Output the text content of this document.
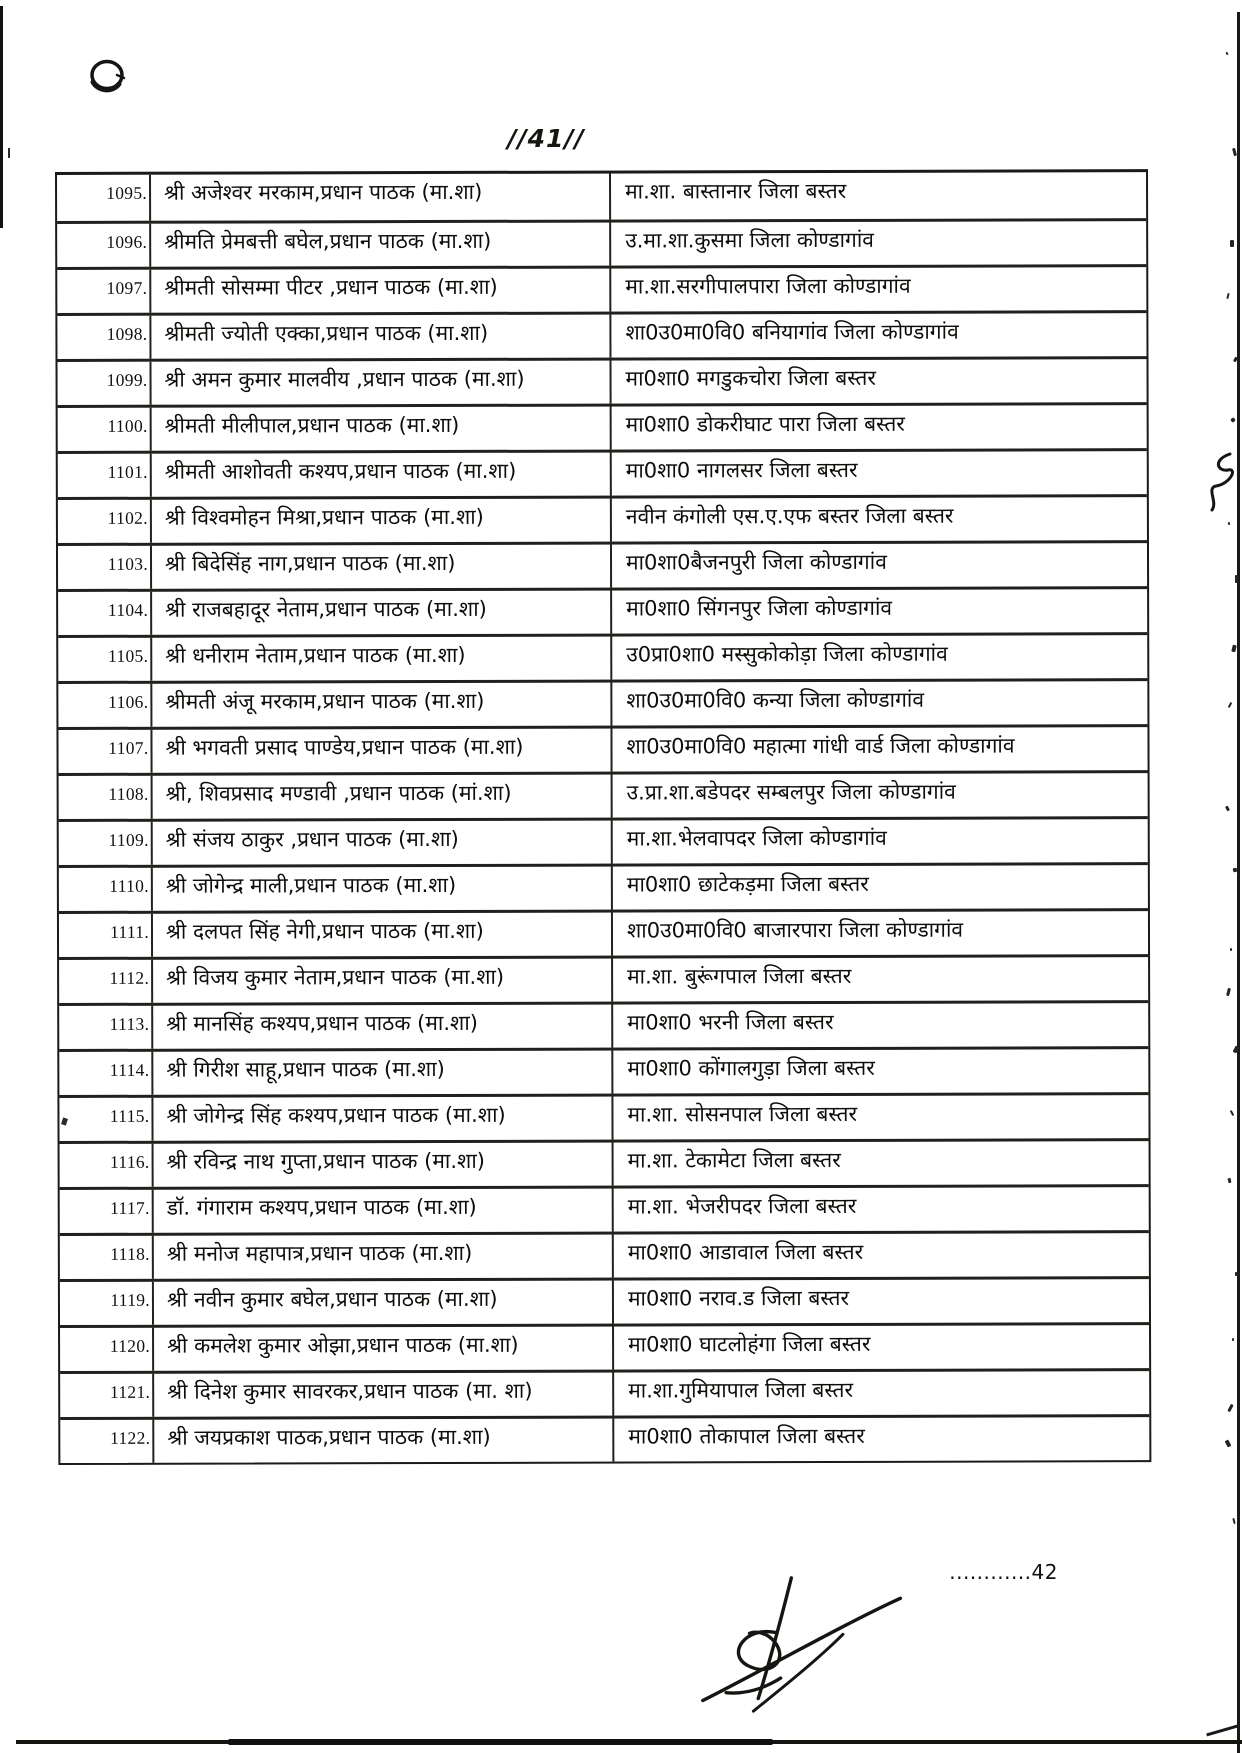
//41//
1095. श्री अजेश्वर मरकाम,प्रधान पाठक (मा.शा)	मा.शा. बास्तानार जिला बस्तर
1096. श्रीमति प्रेमबत्ती बघेल,प्रधान पाठक (मा.शा)	उ.मा.शा.कुसमा जिला कोण्डागांव
1097. श्रीमती सोसम्मा पीटर ,प्रधान पाठक (मा.शा)	मा.शा.सरगीपालपारा जिला कोण्डागांव
1098. श्रीमती ज्योती एक्का,प्रधान पाठक (मा.शा)	शा0उ0मा0वि0 बनियागांव जिला कोण्डागांव
1099. श्री अमन कुमार मालवीय ,प्रधान पाठक (मा.शा)	मा0शा0 मगडुकचोरा जिला बस्तर
1100. श्रीमती मीलीपाल,प्रधान पाठक (मा.शा)	मा0शा0 डोकरीघाट पारा जिला बस्तर
1101. श्रीमती आशोवती कश्यप,प्रधान पाठक (मा.शा)	मा0शा0 नागलसर जिला बस्तर
1102. श्री विश्वमोहन मिश्रा,प्रधान पाठक (मा.शा)	नवीन कंगोली एस.ए.एफ बस्तर जिला बस्तर
1103. श्री बिदेसिंह नाग,प्रधान पाठक (मा.शा)	मा0शा0बैजनपुरी जिला कोण्डागांव
1104. श्री राजबहादूर नेताम,प्रधान पाठक (मा.शा)	मा0शा0 सिंगनपुर जिला कोण्डागांव
1105. श्री धनीराम नेताम,प्रधान पाठक (मा.शा)	उ0प्रा0शा0 मस्सुकोकोड़ा जिला कोण्डागांव
1106. श्रीमती अंजू मरकाम,प्रधान पाठक (मा.शा)	शा0उ0मा0वि0 कन्या जिला कोण्डागांव
1107. श्री भगवती प्रसाद पाण्डेय,प्रधान पाठक (मा.शा)	शा0उ0मा0वि0 महात्मा गांधी वार्ड जिला कोण्डागांव
1108. श्री, शिवप्रसाद मण्डावी ,प्रधान पाठक (मां.शा)	उ.प्रा.शा.बडेपदर सम्बलपुर जिला कोण्डागांव
1109. श्री संजय ठाकुर ,प्रधान पाठक (मा.शा)	मा.शा.भेलवापदर जिला कोण्डागांव
1110. श्री जोगेन्द्र माली,प्रधान पाठक (मा.शा)	मा0शा0 छाटेकड़मा जिला बस्तर
1111. श्री दलपत सिंह नेगी,प्रधान पाठक (मा.शा)	शा0उ0मा0वि0 बाजारपारा जिला कोण्डागांव
1112. श्री विजय कुमार नेताम,प्रधान पाठक (मा.शा)	मा.शा. बुरूंगपाल जिला बस्तर
1113. श्री मानसिंह कश्यप,प्रधान पाठक (मा.शा)	मा0शा0 भरनी जिला बस्तर
1114. श्री गिरीश साहू,प्रधान पाठक (मा.शा)	मा0शा0 कोंगालगुड़ा जिला बस्तर
1115. श्री जोगेन्द्र सिंह कश्यप,प्रधान पाठक (मा.शा)	मा.शा. सोसनपाल जिला बस्तर
1116. श्री रविन्द्र नाथ गुप्ता,प्रधान पाठक (मा.शा)	मा.शा. टेकामेटा जिला बस्तर
1117. डॉ. गंगाराम कश्यप,प्रधान पाठक (मा.शा)	मा.शा. भेजरीपदर जिला बस्तर
1118. श्री मनोज महापात्र,प्रधान पाठक (मा.शा)	मा0शा0 आडावाल जिला बस्तर
1119. श्री नवीन कुमार बघेल,प्रधान पाठक (मा.शा)	मा0शा0 नराव.ड जिला बस्तर
1120. श्री कमलेश कुमार ओझा,प्रधान पाठक (मा.शा)	मा0शा0 घाटलोहंगा जिला बस्तर
1121. श्री दिनेश कुमार सावरकर,प्रधान पाठक (मा. शा)	मा.शा.गुमियापाल जिला बस्तर
1122. श्री जयप्रकाश पाठक,प्रधान पाठक (मा.शा)	मा0शा0 तोकापाल जिला बस्तर
............42
